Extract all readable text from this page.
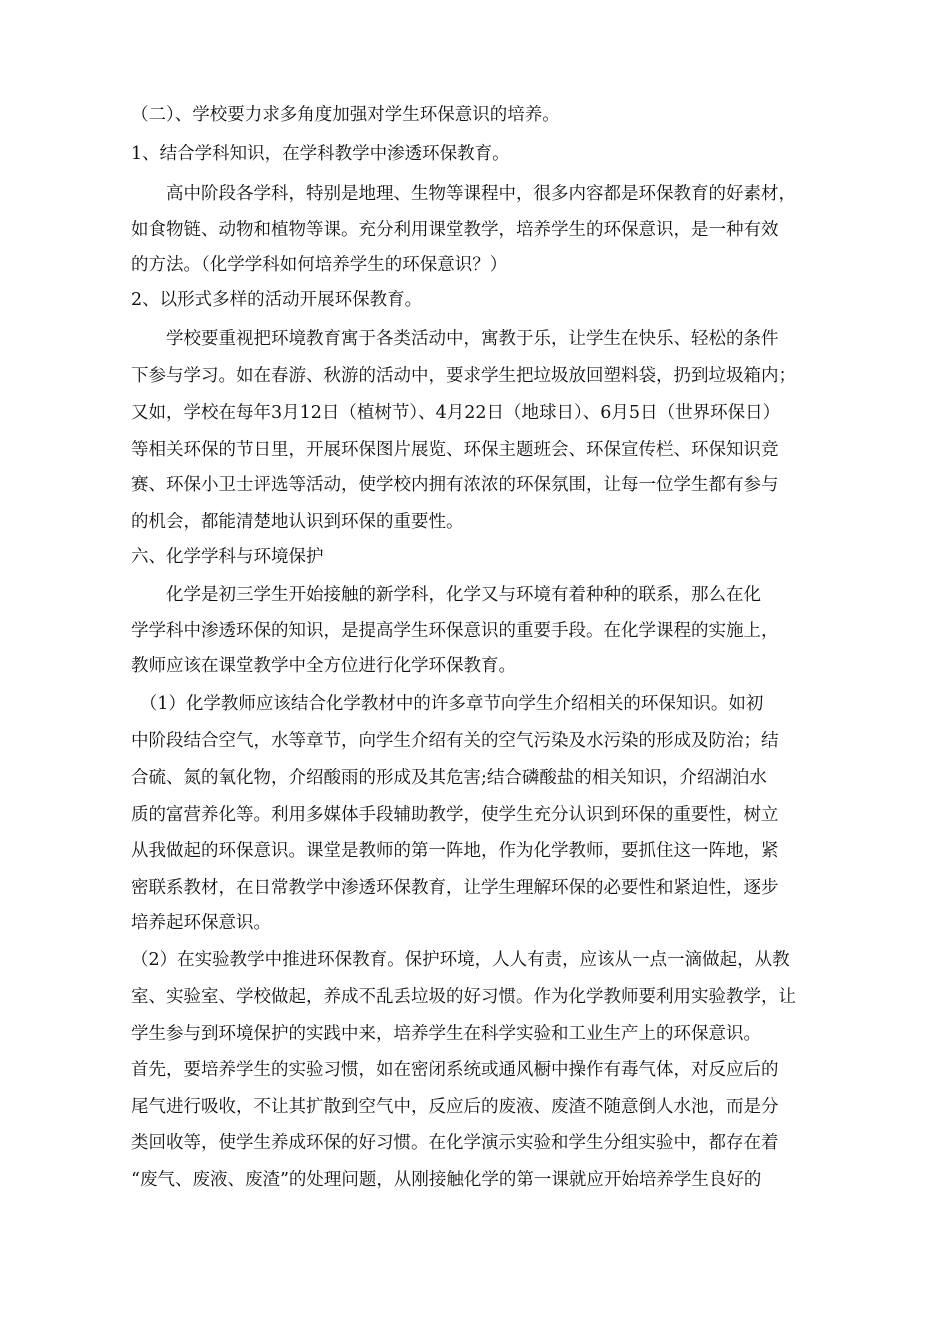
（二）、学校要力求多角度加强对学生环保意识的培养。
1、结合学科知识，在学科教学中渗透环保教育。
　　高中阶段各学科，特别是地理、生物等课程中，很多内容都是环保教育的好素材，
如食物链、动物和植物等课。充分利用课堂教学，培养学生的环保意识，是一种有效
的方法。（化学学科如何培养学生的环保意识？）
2、以形式多样的活动开展环保教育。
　　学校要重视把环境教育寓于各类活动中，寓教于乐，让学生在快乐、轻松的条件
下参与学习。如在春游、秋游的活动中，要求学生把垃圾放回塑料袋，扔到垃圾箱内；
又如，学校在每年3月12日（植树节）、4月22日（地球日）、6月5日（世界环保日）
等相关环保的节日里，开展环保图片展览、环保主题班会、环保宣传栏、环保知识竞
赛、环保小卫士评选等活动，使学校内拥有浓浓的环保氛围，让每一位学生都有参与
的机会，都能清楚地认识到环保的重要性。
六、化学学科与环境保护
　　化学是初三学生开始接触的新学科，化学又与环境有着种种的联系，那么在化
学学科中渗透环保的知识，是提高学生环保意识的重要手段。在化学课程的实施上，
教师应该在课堂教学中全方位进行化学环保教育。
　（1）化学教师应该结合化学教材中的许多章节向学生介绍相关的环保知识。如初
中阶段结合空气，水等章节，向学生介绍有关的空气污染及水污染的形成及防治；结
合硫、氮的氧化物，介绍酸雨的形成及其危害;结合磷酸盐的相关知识，介绍湖泊水
质的富营养化等。利用多媒体手段辅助教学，使学生充分认识到环保的重要性，树立
从我做起的环保意识。课堂是教师的第一阵地，作为化学教师，要抓住这一阵地，紧
密联系教材，在日常教学中渗透环保教育，让学生理解环保的必要性和紧迫性，逐步
培养起环保意识。
（2）在实验教学中推进环保教育。保护环境，人人有责，应该从一点一滴做起，从教
室、实验室、学校做起，养成不乱丢垃圾的好习惯。作为化学教师要利用实验教学，让
学生参与到环境保护的实践中来，培养学生在科学实验和工业生产上的环保意识。
首先，要培养学生的实验习惯，如在密闭系统或通风橱中操作有毒气体，对反应后的
尾气进行吸收，不让其扩散到空气中，反应后的废液、废渣不随意倒人水池，而是分
类回收等，使学生养成环保的好习惯。在化学演示实验和学生分组实验中，都存在着
“废气、废液、废渣”的处理问题，从刚接触化学的第一课就应开始培养学生良好的
